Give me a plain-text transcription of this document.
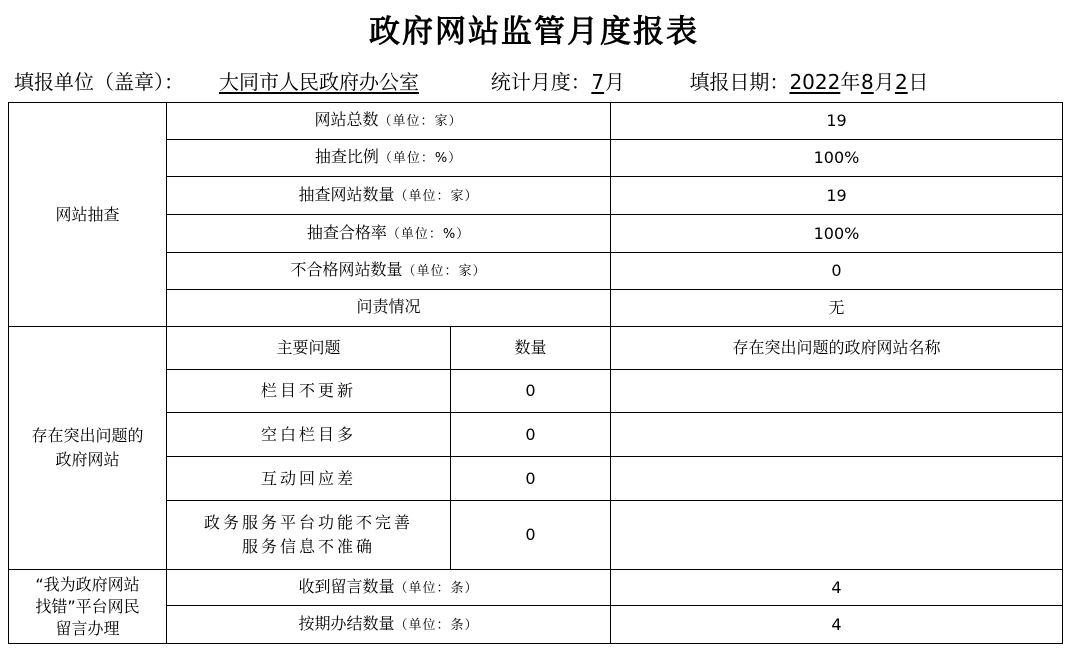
政府网站监管月度报表
填报单位（盖章）： 大同市人民政府办公室	统计月度：7月	填报日期：2022年8月2日
网站抽查	网站总数（单位：家）		19
	抽查比例（单位：%）		100%
	抽查网站数量（单位：家）		19
	抽查合格率（单位：%）		100%
	不合格网站数量（单位：家）		0
	问责情况		无
存在突出问题的
政府网站	主要问题	数量	存在突出问题的政府网站名称
	栏目不更新	0	
	空白栏目多	0	
	互动回应差	0	
	政务服务平台功能不完善
服务信息不准确	0	
“我为政府网站
找错”平台网民
留言办理	收到留言数量（单位：条）		4
	按期办结数量（单位：条）		4
